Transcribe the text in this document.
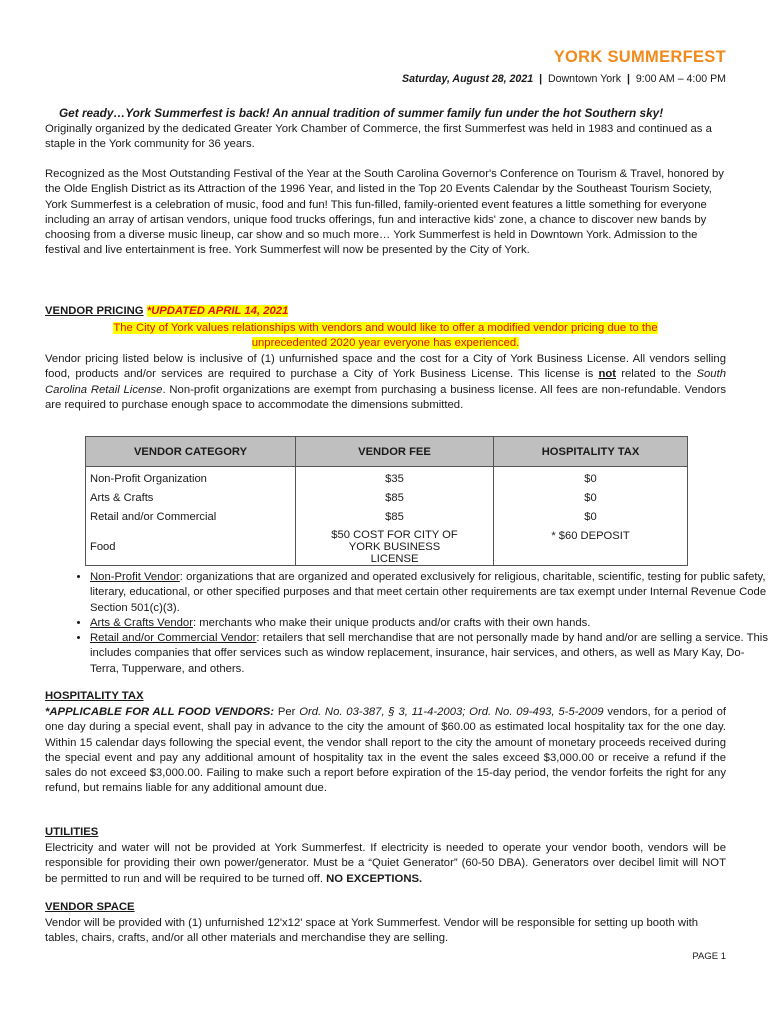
YORK SUMMERFEST
Saturday, August 28, 2021 | Downtown York | 9:00 AM – 4:00 PM
Get ready…York Summerfest is back! An annual tradition of summer family fun under the hot Southern sky!
Originally organized by the dedicated Greater York Chamber of Commerce, the first Summerfest was held in 1983 and continued as a staple in the York community for 36 years.
Recognized as the Most Outstanding Festival of the Year at the South Carolina Governor's Conference on Tourism & Travel, honored by the Olde English District as its Attraction of the 1996 Year, and listed in the Top 20 Events Calendar by the Southeast Tourism Society, York Summerfest is a celebration of music, food and fun! This fun-filled, family-oriented event features a little something for everyone including an array of artisan vendors, unique food trucks offerings, fun and interactive kids' zone, a chance to discover new bands by choosing from a diverse music lineup, car show and so much more… York Summerfest is held in Downtown York. Admission to the festival and live entertainment is free. York Summerfest will now be presented by the City of York.
VENDOR PRICING *UPDATED APRIL 14, 2021
The City of York values relationships with vendors and would like to offer a modified vendor pricing due to the
unprecedented 2020 year everyone has experienced.
Vendor pricing listed below is inclusive of (1) unfurnished space and the cost for a City of York Business License. All vendors selling food, products and/or services are required to purchase a City of York Business License. This license is not related to the South Carolina Retail License. Non-profit organizations are exempt from purchasing a business license. All fees are non-refundable. Vendors are required to purchase enough space to accommodate the dimensions submitted.
VENDOR CATEGORY	VENDOR FEE	HOSPITALITY TAX
Non-Profit Organization	$35	$0
Arts & Crafts	$85	$0
Retail and/or Commercial	$85	$0
Food	$50 COST FOR CITY OF YORK BUSINESS LICENSE	* $60 DEPOSIT
• Non-Profit Vendor: organizations that are organized and operated exclusively for religious, charitable, scientific, testing for public safety, literary, educational, or other specified purposes and that meet certain other requirements are tax exempt under Internal Revenue Code Section 501(c)(3).
• Arts & Crafts Vendor: merchants who make their unique products and/or crafts with their own hands.
• Retail and/or Commercial Vendor: retailers that sell merchandise that are not personally made by hand and/or are selling a service. This includes companies that offer services such as window replacement, insurance, hair services, and others, as well as Mary Kay, Do-Terra, Tupperware, and others.
HOSPITALITY TAX
*APPLICABLE FOR ALL FOOD VENDORS: Per Ord. No. 03-387, § 3, 11-4-2003; Ord. No. 09-493, 5-5-2009 vendors, for a period of one day during a special event, shall pay in advance to the city the amount of $60.00 as estimated local hospitality tax for the one day. Within 15 calendar days following the special event, the vendor shall report to the city the amount of monetary proceeds received during the special event and pay any additional amount of hospitality tax in the event the sales exceed $3,000.00 or receive a refund if the sales do not exceed $3,000.00. Failing to make such a report before expiration of the 15-day period, the vendor forfeits the right for any refund, but remains liable for any additional amount due.
UTILITIES
Electricity and water will not be provided at York Summerfest. If electricity is needed to operate your vendor booth, vendors will be responsible for providing their own power/generator. Must be a “Quiet Generator” (60-50 DBA). Generators over decibel limit will NOT be permitted to run and will be required to be turned off. NO EXCEPTIONS.
VENDOR SPACE
Vendor will be provided with (1) unfurnished 12'x12' space at York Summerfest. Vendor will be responsible for setting up booth with tables, chairs, crafts, and/or all other materials and merchandise they are selling.
PAGE 1
